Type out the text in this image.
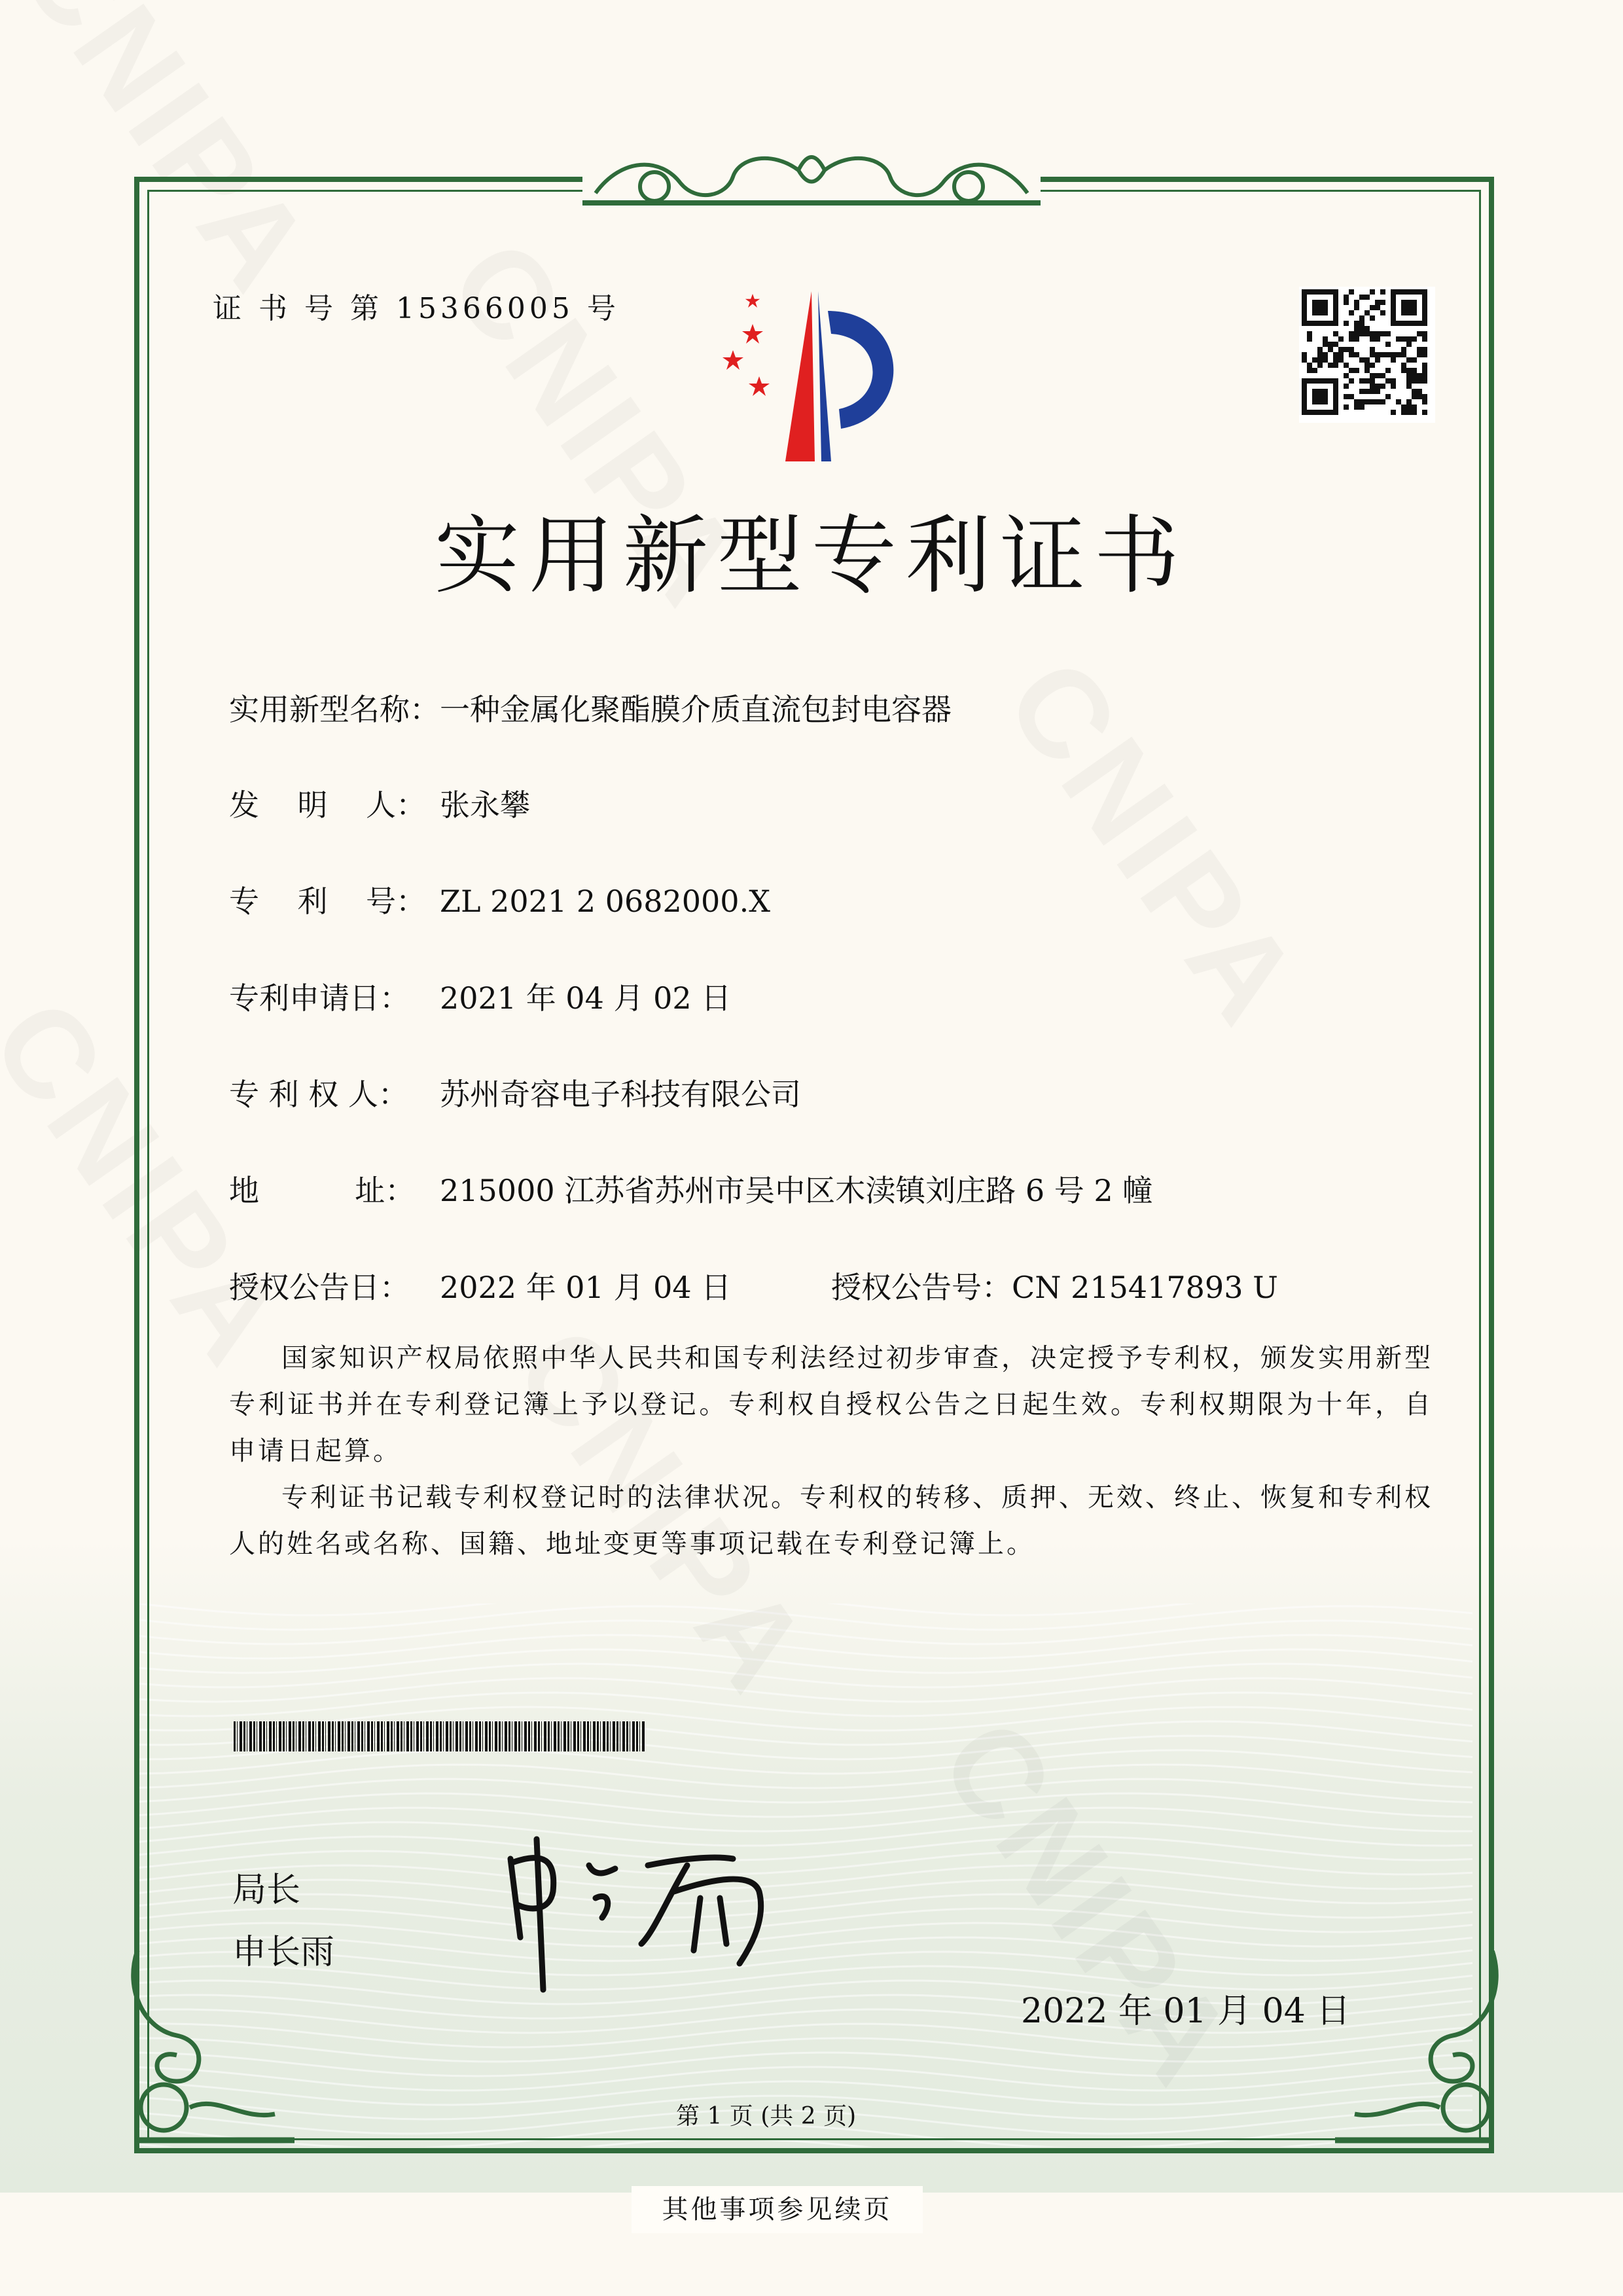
证 书 号 第 15366005 号
实用新型专利证书
实用新型名称：一种金属化聚酯膜介质直流包封电容器
发    明    人： 张永攀
专    利    号： ZL 2021 2 0682000.X
专利申请日： 2021 年 04 月 02 日
专 利 权 人： 苏州奇容电子科技有限公司
地          址： 215000 江苏省苏州市吴中区木渎镇刘庄路 6 号 2 幢
授权公告日： 2022 年 01 月 04 日	授权公告号：CN 215417893 U

国家知识产权局依照中华人民共和国专利法经过初步审查，决定授予专利权，颁发实用新型专利证书并在专利登记簿上予以登记。专利权自授权公告之日起生效。专利权期限为十年，自申请日起算。

专利证书记载专利权登记时的法律状况。专利权的转移、质押、无效、终止、恢复和专利权人的姓名或名称、国籍、地址变更等事项记载在专利登记簿上。

局长
申长雨
2022 年 01 月 04 日
第 1 页 (共 2 页)
其他事项参见续页
